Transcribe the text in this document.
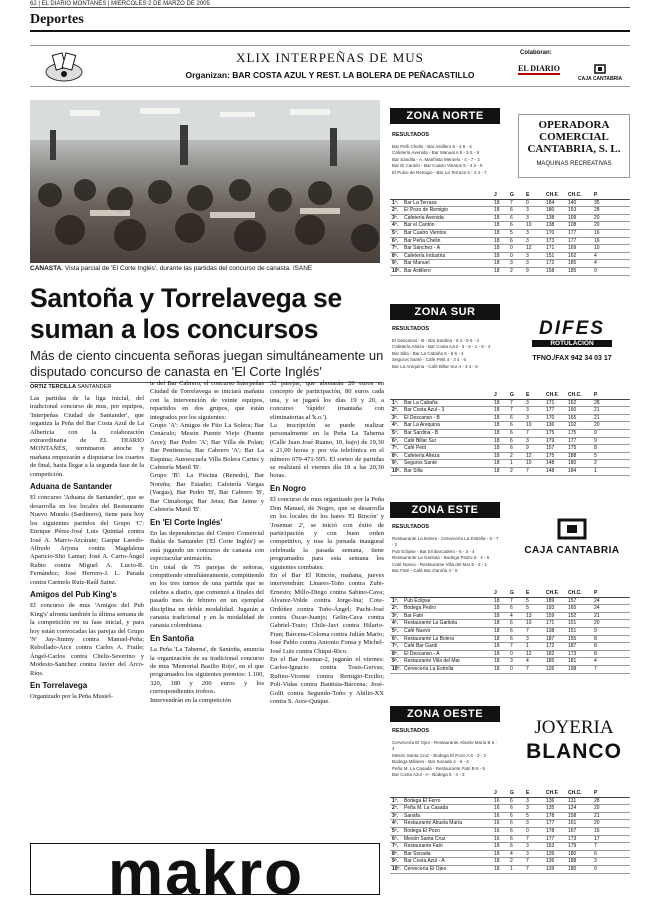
62 | EL DIARIO MONTAÑÉS | MIÉRCOLES 2 DE MARZO DE 2005
Deportes
XLIX INTERPEÑAS DE MUS
Organizan: BAR COSTA AZUL Y REST. LA BOLERA DE PEÑACASTILLO
Colaboran:
EL DIARIO

CAJA CANTABRIA
CANASTA. Vista parcial de 'El Corte Inglés', durante las partidas del concurso de canasta. /SANE
Santoña y Torrelavega se suman a los concursos
Más de ciento cincuenta señoras juegan simultáneamente un disputado concurso de canasta en 'El Corte Inglés'
ORTIZ TERCILLA SANTANDER

Las partidas de la liga inicial, del tradicional concurso de mus, por equipos, 'Interpeñas Ciudad de Santander', que organiza la Peña del Bar Costa Azul de La Albericia con la colaboración extraordinaria de EL DIARIO MONTAÑÉS, terminaron anoche y mañana empezarán a disputarse los cuartos de final, hasta llegar a la segunda fase de la competición.

Aduana de Santander

El concurso 'Aduana de Santander', que se desarrolla en los locales del Restaurante Nuevo Mundo (Sardinero), tiene para hoy los siguientes partidos del Grupo 'C': Enrique Pérez-José Luis Quintial contra José A. Marco-Azcárate; Gaspar Laredo-Alfredo Arjona contra Magdalena Aparicio-Sito Lamar; José A. Carro-Ángel Rubio contra Miguel A. Lucio-R. Fernández; José Herrero-J. L. Parada contra Carmelo Ruiz-Raúl Sainz.

Amigos del Pub King's

El concurso de mus 'Amigos del Pub King's' afronta también la última semana de la competición en su fase inicial, y para hoy están convocadas las parejas del Grupo 'N' Jay-Jimmy contra Manuel-Peña; Rebollado-Arce contra Carlos A. Fraile; Ángel-Carlos contra Chelis-Severino y Modesto-Sanchez contra Javier del Arco-Ríos.

En Torrelavega

Organizado por la Peña Musiel-

te del Bar Cabrero, el concurso Interpeñas Ciudad de Torrelavega se iniciará mañana con la intervención de veinte equipos, repartidos en dos grupos, que están integrados por los siguientes:

Grupo 'A': Amigos de Fito La Solera; Bar Cenáculo; Mesón Puente Viejo (Puente Arce); Bar Pedro 'A'; Bar Villa de Polan; Bar Penitencia; Bar Cabrero 'A'; Bar La Esquina; Autoescuela Villa Bolera Cartes y Cafetería Manil 'B'.

Grupo 'B': La Piscina (Renedo), Bar Noreña; Bar Estadio; Cafetería Vargas (Vargas), Bar Pedro 'B', Bar Cabrero 'B', Bar Cimaborga; Bar Jetsa; Bar Jaime y Cafetería Manil 'B'.

En 'El Corte Inglés'

En las dependencias del Centro Comercial Bahía de Santander ('El Corte Inglés') se está jugando un concurso de canasta con espectacular animación.

Un total de 75 parejas de señoras, compitiendo simultáneamente, compitiendo en los tres turnos de una partida que se celebra a diario, que comenzó a finales del pasado mes de febrero en un ejemplar disciplina en doble modalidad. Jugarán a canasta tradicional y en la modalidad de canasta colombiana.

En Santoña

La Peña 'La Taberna', de Santoña, anuncia la organización de su tradicional concurso de mus 'Memorial Basilio Rojo', en el que programados los siguientes premios: 1.100, 320, 180 y 200 euros y los correspondientes trofeos.

Intervendrán en la competición

32 parejas, que abonarán 20 euros en concepto de participación, 80 euros cada una, y se jugará los días 19 y 20, a concurso 'rápido' (mantaña con eliminatorias al 'k.o.').

La inscripción se puede realizar personalmente en la Peña La Taberna (Calle Juan José Ruano, 10, bajo) de 19,30 a 21,00 horas y por vía telefónica en el número 679-471-595. El sorteo de partidas se realizará el viernes día 18 a las 20,30 horas.

En Nogro

El concurso de mus organizado por la Peña Don Manuel, de Nogro, que se desarrolla en los locales de los bares 'El Rincón' y 'Josemar 2', se inició con éxito de participación y con buen orden competitivo, y tras la jornada inaugural celebrada la pasada semana, tiene programados para esta semana los siguientes combates:

En el Bar El Rincón, mañana, jueves intervendrán: Linares-Toño contra Zubi-Ernesto; Millo-Diego contra Sabino-Cava; Álvarez-Volde contra Jorge-Ina; Cote-Ordóñez contra Toño-Ángel; Pachi-José contra Óscar-Juanjo; Gelin-Cava contra Gabriel-Trato; Chile-Javi contra Hilario-Fran; Bárcena-Coloma contra Julián Mario; José Pablo contra Antonio Fonsa y Michel-José Luis contra Chiqui-Rico.

En el Bar Josemar-2, jugarán el viernes: Carlos-Ignacio contra Tosis-Gervas; Rufino-Vicente contra Remigio-Ercilio; Poli-Vidas contra Bautista-Bárcena; José-Golfi contra Segundo-Toño y Abilio-XX contra S. Arce-Quique.

makro
ZONA NORTE
RESULTADOS
Bar Peñi Chelin - Bar Astillero 6 - 4 8 - 4
Cafetería Avenida - Bar Manual A 5 - 5 5 - 8
Bar Sandila - A. Mariñista Meruelo - 4 - 7 - 2
Bar El Cantón - Bar Cuatro Vientos 5 - 4 3 - 5
El Pulso de Remigio - Bar La Terraza 3 - 4 4 - 7
OPERADORA
COMERCIAL
CANTABRIA, S. L.
MAQUINAS RECREATIVAS
J	G E	CH.F. CH.C. P
1º. Bar La Terraza	18 7	0	184	140	35
2º. El Pozo de Remigio	18 6	3	180	153	28
3º. Cafetería Avenida	18 6	3	138	109	20
4º. Bar el Cantón	18 6	10	138	108	20
5º. Bar Cuatro Vientos	18 5	3	170	177	16
6º. Bar Peña Chelin	18 6	3	173	177	16
7º. Bar Sánchez - A	18 0	12	171	169	10
8º. Cafetería Industria	18 0	3	151	162	4
9º. Bar Manuel	18 3	3	172	185	4
10º. Bar Astillero	18 2	9	158	185	0
ZONA SUR
RESULTADOS
El Descanso - B - Bar Sardina - 6 4 - 5 6 - 4
Cafetería Alteza - Bar Costa Azul - 3 - 6 - 1 - 8 - 4
Bar Silla - Bar La Cabaña 5 - 6 6 - 4
Seguros Santé - Café Petit 4 - 3 4 - 6
Bar La Arequina - Café Billar Sur 4 - 3 4 - 6
DIFES
ROTULACIÓN
TFNO./FAX 942 34 03 17
J	G E	CH.F. CH.C. P
1º. Bar La Cabaña	18 7	3	171	162	28
2º. Bar Costa Azul - 3	18 7	3	177	160	21
3º. El Descanso - B	18 6	3	170	165	21
4º. Bar La Arequina	18 6	10	136	102	20
5º. Bar Sardina - B	18 6	7	175	175	9
6º. Café Billar Sur	18 6	3	179	177	9
7º. Café Petit	18 6	9	157	175	8
8º. Cafetería Alteza	18 2	12	175	188	5
9º. Seguros Santé	18 1	10	148	180	2
10º. Bar Silla	18 2	7	148	184	1
ZONA ESTE
RESULTADOS
Restaurante La Bolera - Cervecería La Estrella - 6 - 7 - 2
Pub Eclipse - Bar Embarcadero - 6 - 3 - 4
Restaurante La Garitola - Bodega Pedro 5 - 4 - 6
Café Nuevo - Restaurante Villa del Mar 6 - 3 - 1
Bar Fatri - Café Bar Garoña 4 - 6
CAJA CANTABRIA
J	G E	CH.F. CH.C. P
1º. Pub Eclipse	18 7	5	189	157	24
2º. Bodega Pedro	18 6	5	193	165	24
3º. Bar Fatri	18 4	13	159	152	21
4º. Restaurante La Garitola	18 6	10	171	151	20
5º. Café Nuevo	18 6	7	138	151	9
6º. Restaurante La Bolera	18 6	3	187	155	8
7º. Café Bar Gardi	18 7	1	172	187	8
8º. El Descanso - A	18 0	12	182	173	8
9º. Restaurante Villa del Mar	18 3	4	185	181	4
10º. Cervecería La Estrella	18 0	7	126	198	7
ZONA OESTE
RESULTADOS
Cervecería El Ojeo - Restaurante Abuelo María B 6 - 4
Mesón Santa Cruz - Bodega El Pozo A 6 - 3 - 2
Bodega Millares - Bar Sonada 4 - 6 - 4
Peña M. La Casada - Restaurante Fatri B 6 - 5
Bar Costa Azul - A - Bodega 5 - 4 - 3
JOYERIA
BLANCO
J	G E	CH.F. CH.C. P
1º. Bodega El Ferro	16 6	3	136	131	28
2º. Peña M. La Casada	16 6	3	135	124	20
3º. Sanáfa	16 6	5	178	158	21
4º. Restaurante Abuela María	16 6	3	177	161	20
5º. Bodega El Pozo	16 6	0	178	167	16
6º. Mesón Santa Cruz	16 6	7	177	173	17
7º. Restaurante Fatri	18 6	3	153	179	7
8º. Bar Sonada	18 4	3	139	180	6
9º. Bar Costa Azul - A	18 2	7	136	188	3
10º. Cervecería El Ojeo	18 1	7	139	180	0
